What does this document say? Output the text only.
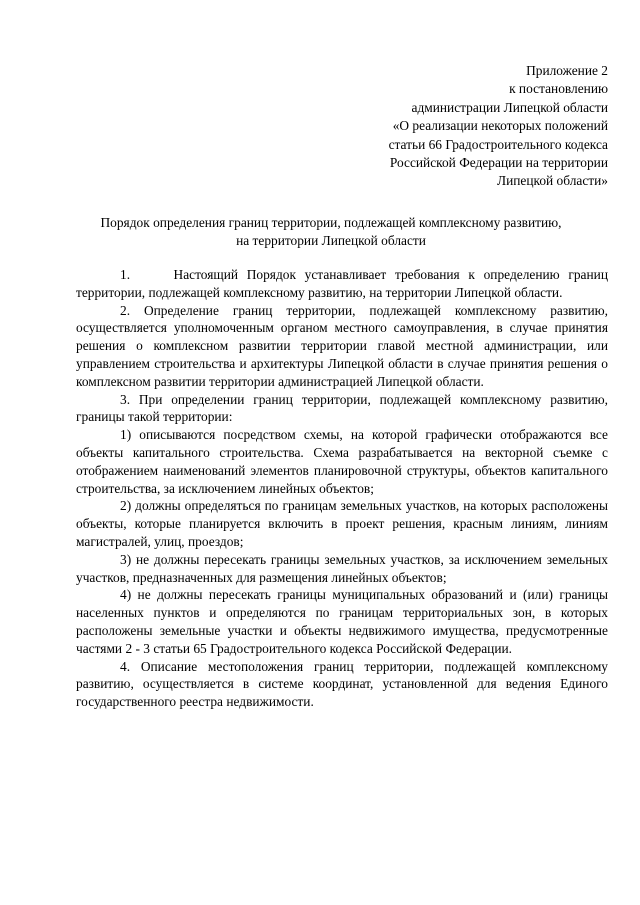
Приложение 2
к постановлению
администрации Липецкой области
«О реализации некоторых положений
статьи 66 Градостроительного кодекса
Российской Федерации на территории
Липецкой области»
Порядок определения границ территории, подлежащей комплексному развитию,
на территории Липецкой области

1.     Настоящий Порядок устанавливает требования к определению границ территории, подлежащей комплексному развитию, на территории Липецкой области.

2. Определение границ территории, подлежащей комплексному развитию, осуществляется уполномоченным органом местного самоуправления, в случае принятия решения о комплексном развитии территории главой местной администрации, или управлением строительства и архитектуры Липецкой области в случае принятия решения о комплексном развитии территории администрацией Липецкой области.

3. При определении границ территории, подлежащей комплексному развитию, границы такой территории:

1) описываются посредством схемы, на которой графически отображаются все объекты капитального строительства. Схема разрабатывается на векторной съемке с отображением наименований элементов планировочной структуры, объектов капитального строительства, за исключением линейных объектов;

2) должны определяться по границам земельных участков, на которых расположены объекты, которые планируется включить в проект решения, красным линиям, линиям магистралей, улиц, проездов;

3) не должны пересекать границы земельных участков, за исключением земельных участков, предназначенных для размещения линейных объектов;

4) не должны пересекать границы муниципальных образований и (или) границы населенных пунктов и определяются по границам территориальных зон, в которых расположены земельные участки и объекты недвижимого имущества, предусмотренные частями 2 - 3 статьи 65 Градостроительного кодекса Российской Федерации.

4. Описание местоположения границ территории, подлежащей комплексному развитию, осуществляется в системе координат, установленной для ведения Единого государственного реестра недвижимости.
